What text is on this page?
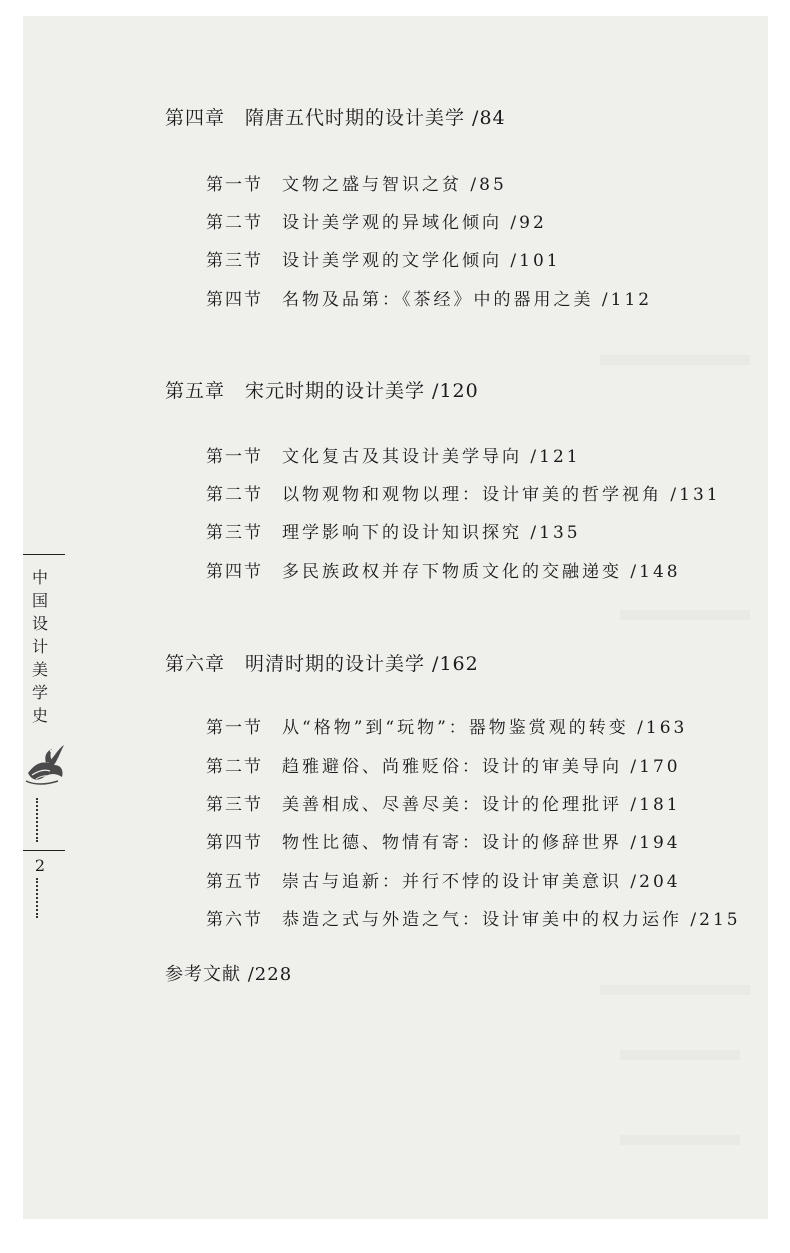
第四章　隋唐五代时期的设计美学 /84
第一节 文物之盛与智识之贫 /85
第二节 设计美学观的异域化倾向 /92
第三节 设计美学观的文学化倾向 /101
第四节 名物及品第：《茶经》中的器用之美 /112
第五章　宋元时期的设计美学 /120
第一节 文化复古及其设计美学导向 /121
第二节 以物观物和观物以理：设计审美的哲学视角 /131
第三节 理学影响下的设计知识探究 /135
第四节 多民族政权并存下物质文化的交融递变 /148
第六章　明清时期的设计美学 /162
第一节 从“格物”到“玩物”：器物鉴赏观的转变 /163
第二节 趋雅避俗、尚雅贬俗：设计的审美导向 /170
第三节 美善相成、尽善尽美：设计的伦理批评 /181
第四节 物性比德、物情有寄：设计的修辞世界 /194
第五节 崇古与追新：并行不悖的设计审美意识 /204
第六节 恭造之式与外造之气：设计审美中的权力运作 /215
参考文献 /228
中
国
设
计
美
学
史
2
